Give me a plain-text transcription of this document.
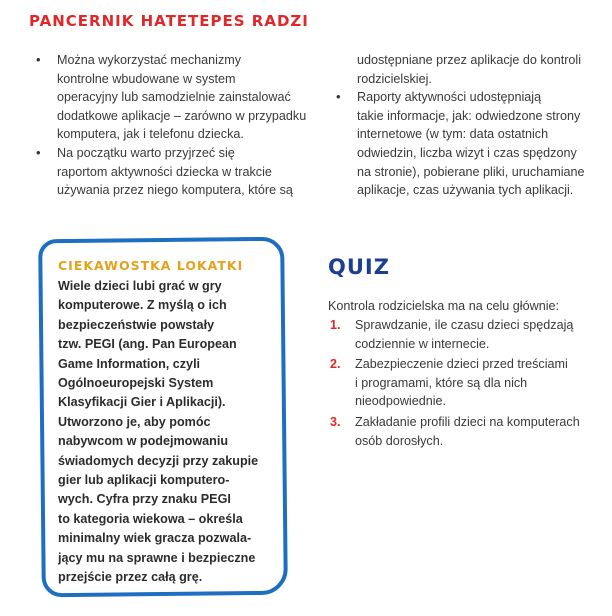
PANCERNIK HATETEPES RADZI
• Można wykorzystać mechanizmy
kontrolne wbudowane w system
operacyjny lub samodzielnie zainstalować
dodatkowe aplikacje – zarówno w przypadku
komputera, jak i telefonu dziecka.
• Na początku warto przyjrzeć się
raportom aktywności dziecka w trakcie
używania przez niego komputera, które są
udostępniane przez aplikacje do kontroli
rodzicielskiej.
• Raporty aktywności udostępniają
takie informacje, jak: odwiedzone strony
internetowe (w tym: data ostatnich
odwiedzin, liczba wizyt i czas spędzony
na stronie), pobierane pliki, uruchamiane
aplikacje, czas używania tych aplikacji.
CIEKAWOSTKA LOKATKI
Wiele dzieci lubi grać w gry
komputerowe. Z myślą o ich
bezpieczeństwie powstały
tzw. PEGI (ang. Pan European
Game Information, czyli
Ogólnoeuropejski System
Klasyfikacji Gier i Aplikacji).
Utworzono je, aby pomóc
nabywcom w podejmowaniu
świadomych decyzji przy zakupie
gier lub aplikacji komputero-
wych. Cyfra przy znaku PEGI
to kategoria wiekowa – określa
minimalny wiek gracza pozwala-
jący mu na sprawne i bezpieczne
przejście przez całą grę.
QUIZ
Kontrola rodzicielska ma na celu głównie:
1. Sprawdzanie, ile czasu dzieci spędzają
codziennie w internecie.
2. Zabezpieczenie dzieci przed treściami
i programami, które są dla nich
nieodpowiednie.
3. Zakładanie profili dzieci na komputerach
osób dorosłych.
